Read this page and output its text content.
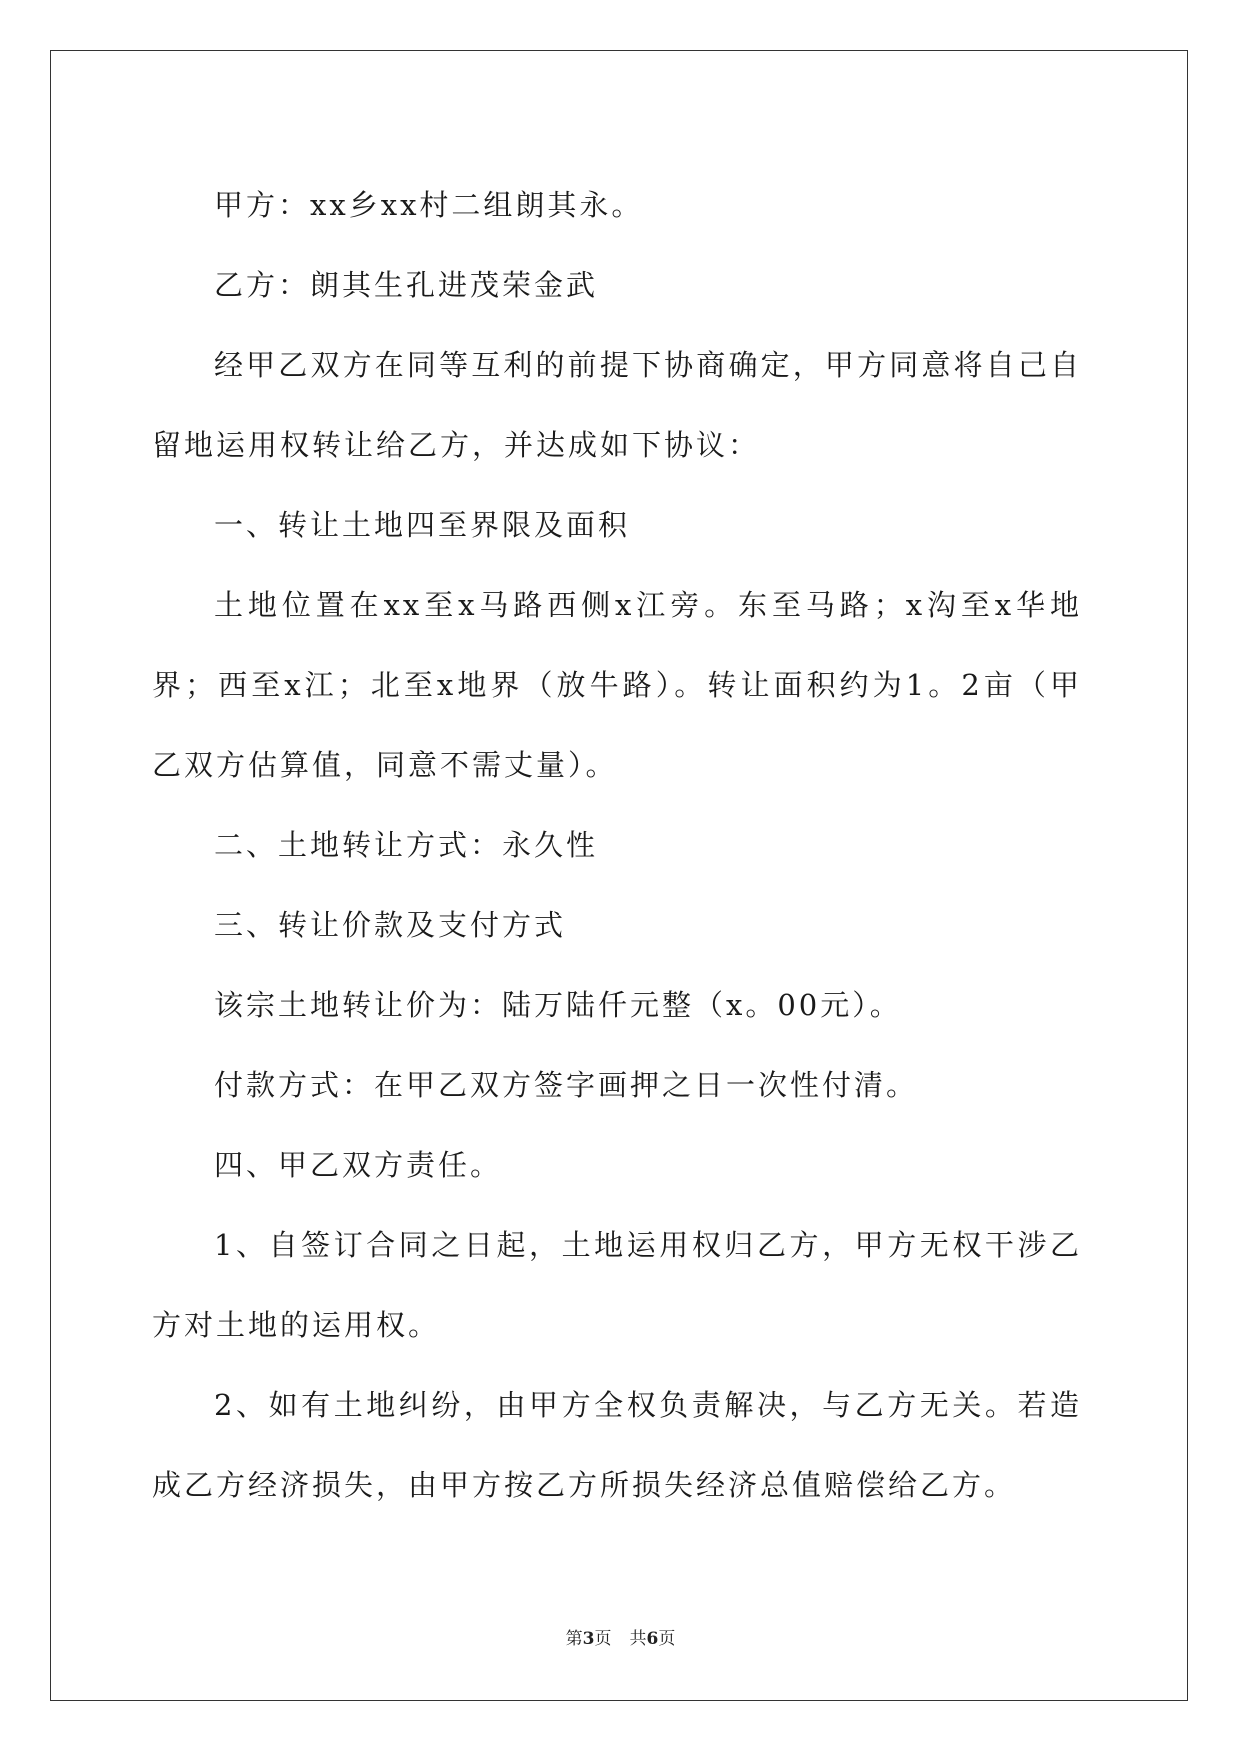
甲方：xx乡xx村二组朗其永。

乙方：朗其生孔进茂荣金武

经甲乙双方在同等互利的前提下协商确定，甲方同意将自己自留地运用权转让给乙方，并达成如下协议：

一、转让土地四至界限及面积

土地位置在xx至x马路西侧x江旁。东至马路；x沟至x华地界；西至x江；北至x地界（放牛路）。转让面积约为1。2亩（甲乙双方估算值，同意不需丈量）。

二、土地转让方式：永久性

三、转让价款及支付方式

该宗土地转让价为：陆万陆仟元整（x。00元）。

付款方式：在甲乙双方签字画押之日一次性付清。

四、甲乙双方责任。

1、自签订合同之日起，土地运用权归乙方，甲方无权干涉乙方对土地的运用权。

2、如有土地纠纷，由甲方全权负责解决，与乙方无关。若造成乙方经济损失，由甲方按乙方所损失经济总值赔偿给乙方。

第3页 共6页
